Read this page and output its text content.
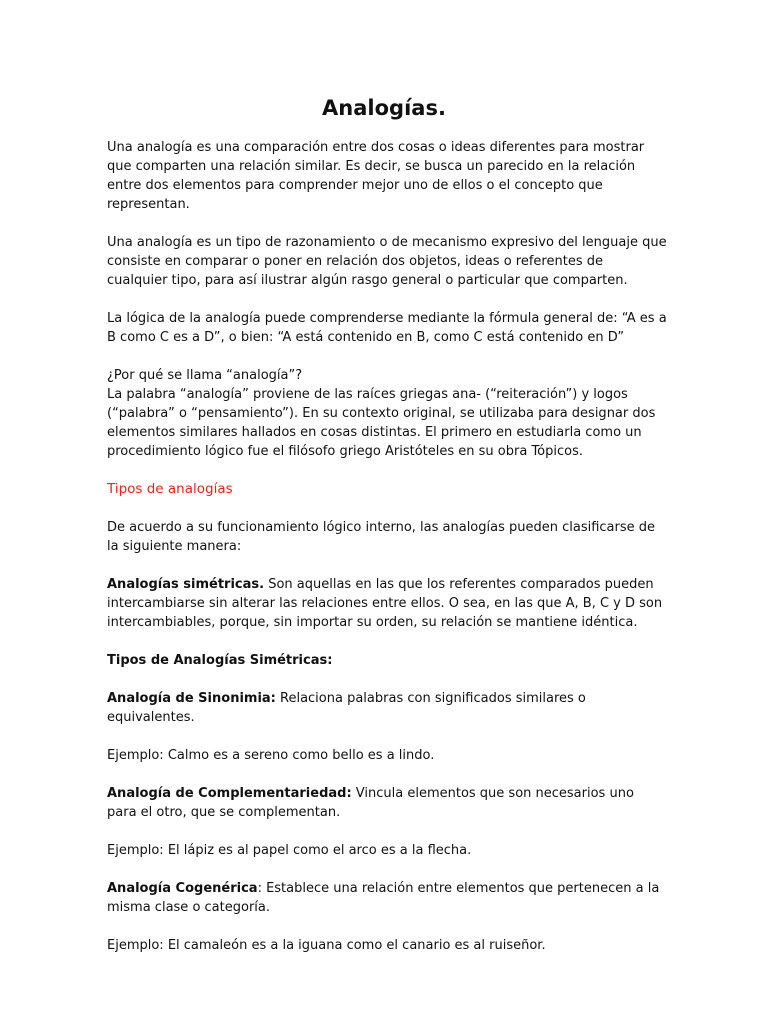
Analogías.

Una analogía es una comparación entre dos cosas o ideas diferentes para mostrar que comparten una relación similar. Es decir, se busca un parecido en la relación entre dos elementos para comprender mejor uno de ellos o el concepto que representan.

Una analogía es un tipo de razonamiento o de mecanismo expresivo del lenguaje que consiste en comparar o poner en relación dos objetos, ideas o referentes de cualquier tipo, para así ilustrar algún rasgo general o particular que comparten.

La lógica de la analogía puede comprenderse mediante la fórmula general de: “A es a B como C es a D”, o bien: “A está contenido en B, como C está contenido en D”

¿Por qué se llama “analogía”?

La palabra “analogía” proviene de las raíces griegas ana- (“reiteración”) y logos (“palabra” o “pensamiento”). En su contexto original, se utilizaba para designar dos elementos similares hallados en cosas distintas. El primero en estudiarla como un procedimiento lógico fue el filósofo griego Aristóteles en su obra Tópicos.

Tipos de analogías

De acuerdo a su funcionamiento lógico interno, las analogías pueden clasificarse de la siguiente manera:

Analogías simétricas. Son aquellas en las que los referentes comparados pueden intercambiarse sin alterar las relaciones entre ellos. O sea, en las que A, B, C y D son intercambiables, porque, sin importar su orden, su relación se mantiene idéntica.

Tipos de Analogías Simétricas:

Analogía de Sinonimia: Relaciona palabras con significados similares o equivalentes.

Ejemplo: Calmo es a sereno como bello es a lindo.

Analogía de Complementariedad: Vincula elementos que son necesarios uno para el otro, que se complementan.

Ejemplo: El lápiz es al papel como el arco es a la flecha.

Analogía Cogenérica: Establece una relación entre elementos que pertenecen a la misma clase o categoría.

Ejemplo: El camaleón es a la iguana como el canario es al ruiseñor.
